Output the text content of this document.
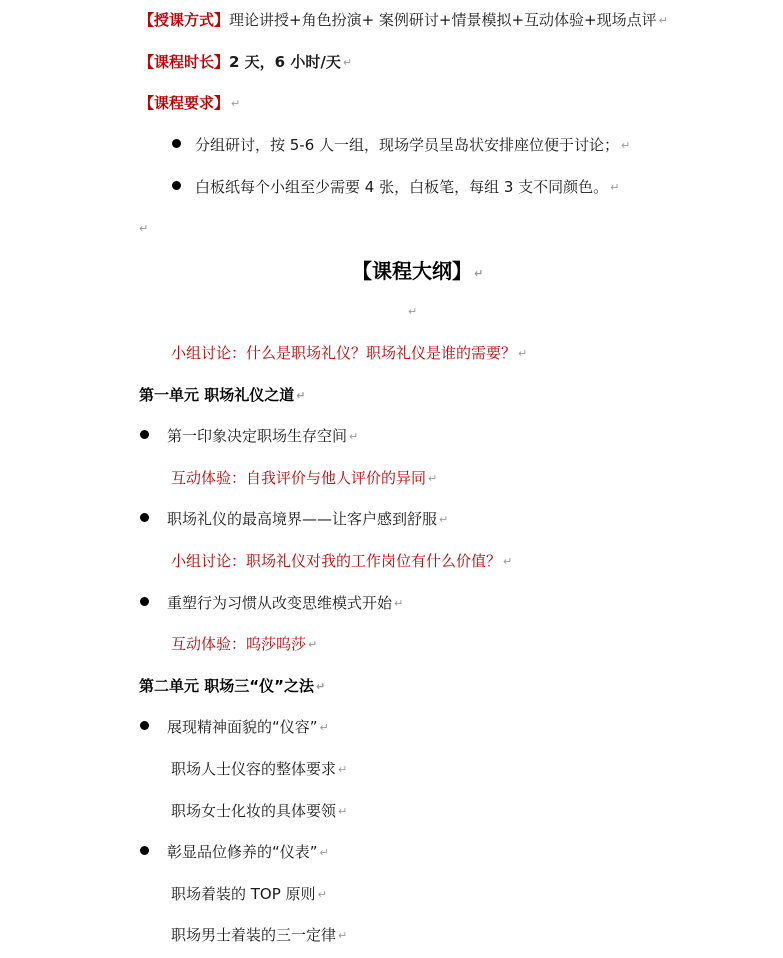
【授课方式】理论讲授+角色扮演+ 案例研讨+情景模拟+互动体验+现场点评 ↵
【课程时长】2 天，6 小时/天 ↵
【课程要求】 ↵
分组研讨，按 5-6 人一组，现场学员呈岛状安排座位便于讨论； ↵
白板纸每个小组至少需要 4 张，白板笔，每组 3 支不同颜色。 ↵
↵
【课程大纲】 ↵
↵
小组讨论：什么是职场礼仪？职场礼仪是谁的需要？ ↵
第一单元 职场礼仪之道 ↵
第一印象决定职场生存空间 ↵
互动体验：自我评价与他人评价的异同 ↵
职场礼仪的最高境界——让客户感到舒服 ↵
小组讨论：职场礼仪对我的工作岗位有什么价值？ ↵
重塑行为习惯从改变思维模式开始 ↵
互动体验：呜莎呜莎 ↵
第二单元 职场三“仪”之法 ↵
展现精神面貌的“仪容” ↵
职场人士仪容的整体要求 ↵
职场女士化妆的具体要领 ↵
彰显品位修养的“仪表” ↵
职场着装的 TOP 原则 ↵
职场男士着装的三一定律 ↵
